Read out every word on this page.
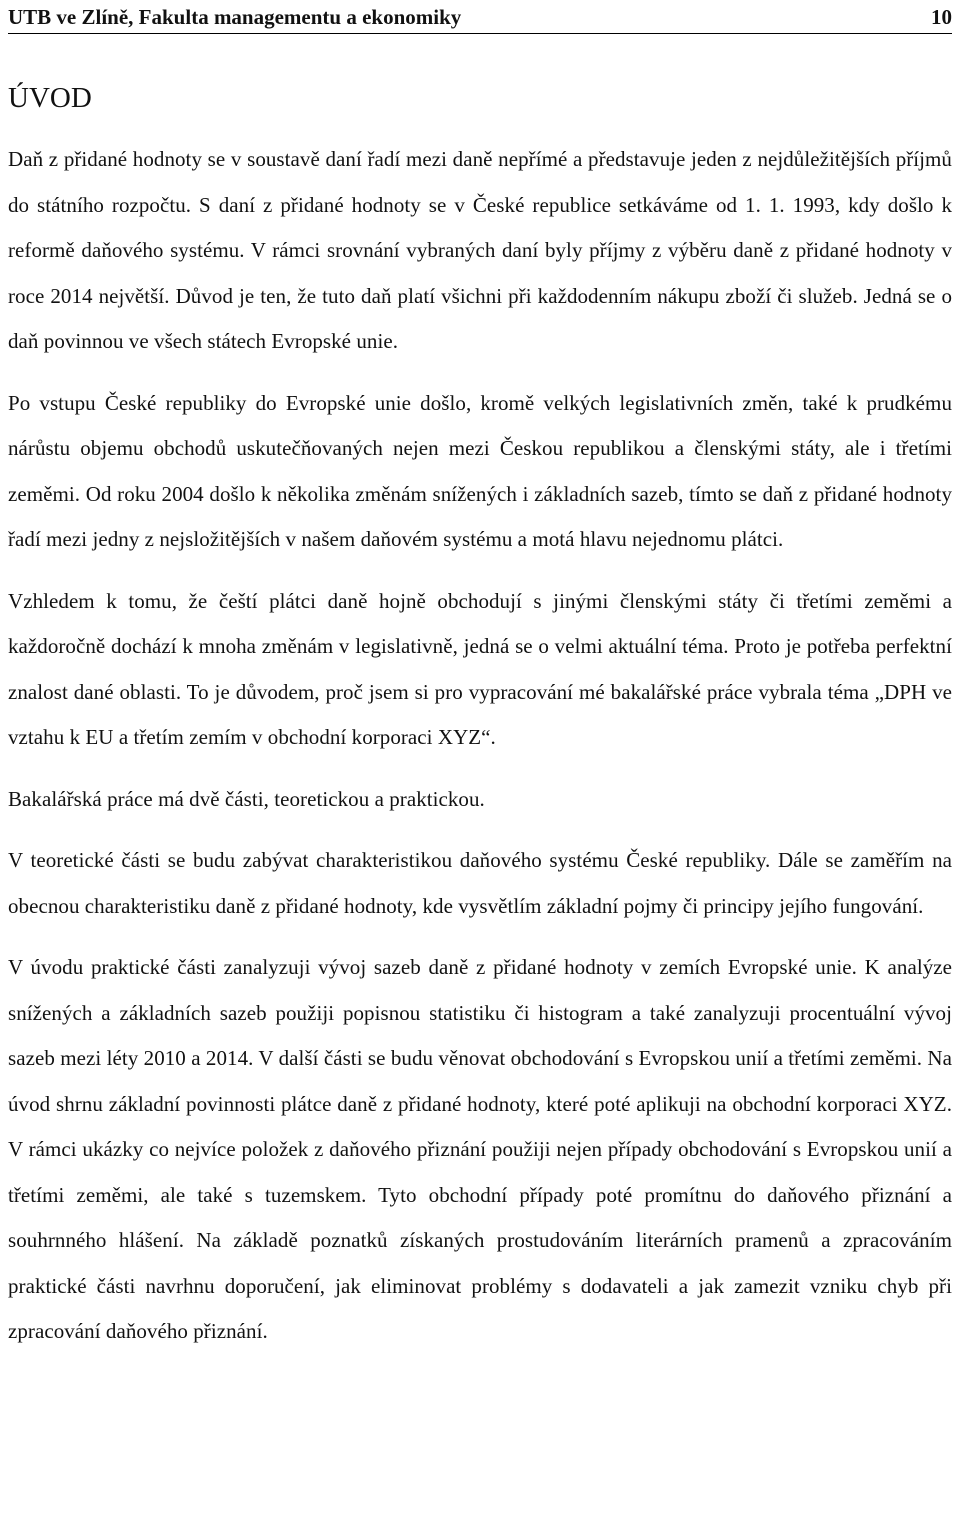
UTB ve Zlíně, Fakulta managementu a ekonomiky	10
ÚVOD

Daň z přidané hodnoty se v soustavě daní řadí mezi daně nepřímé a představuje jeden z nejdůležitějších příjmů do státního rozpočtu. S daní z přidané hodnoty se v České republice setkáváme od 1. 1. 1993, kdy došlo k reformě daňového systému. V rámci srovnání vybraných daní byly příjmy z výběru daně z přidané hodnoty v roce 2014 největší. Důvod je ten, že tuto daň platí všichni při každodenním nákupu zboží či služeb. Jedná se o daň povinnou ve všech státech Evropské unie.

Po vstupu České republiky do Evropské unie došlo, kromě velkých legislativních změn, také k prudkému nárůstu objemu obchodů uskutečňovaných nejen mezi Českou republikou a členskými státy, ale i třetími zeměmi. Od roku 2004 došlo k několika změnám snížených i základních sazeb, tímto se daň z přidané hodnoty řadí mezi jedny z nejsložitějších v našem daňovém systému a motá hlavu nejednomu plátci.

Vzhledem k tomu, že čeští plátci daně hojně obchodují s jinými členskými státy či třetími zeměmi a každoročně dochází k mnoha změnám v legislativně, jedná se o velmi aktuální téma. Proto je potřeba perfektní znalost dané oblasti. To je důvodem, proč jsem si pro vypracování mé bakalářské práce vybrala téma „DPH ve vztahu k EU a třetím zemím v obchodní korporaci XYZ“.

Bakalářská práce má dvě části, teoretickou a praktickou.

V teoretické části se budu zabývat charakteristikou daňového systému České republiky. Dále se zaměřím na obecnou charakteristiku daně z přidané hodnoty, kde vysvětlím základní pojmy či principy jejího fungování.

V úvodu praktické části zanalyzuji vývoj sazeb daně z přidané hodnoty v zemích Evropské unie. K analýze snížených a základních sazeb použiji popisnou statistiku či histogram a také zanalyzuji procentuální vývoj sazeb mezi léty 2010 a 2014. V další části se budu věnovat obchodování s Evropskou unií a třetími zeměmi. Na úvod shrnu základní povinnosti plátce daně z přidané hodnoty, které poté aplikuji na obchodní korporaci XYZ. V rámci ukázky co nejvíce položek z daňového přiznání použiji nejen případy obchodování s Evropskou unií a třetími zeměmi, ale také s tuzemskem. Tyto obchodní případy poté promítnu do daňového přiznání a souhrnného hlášení. Na základě poznatků získaných prostudováním literárních pramenů a zpracováním praktické části navrhnu doporučení, jak eliminovat problémy s dodavateli a jak zamezit vzniku chyb při zpracování daňového přiznání.
